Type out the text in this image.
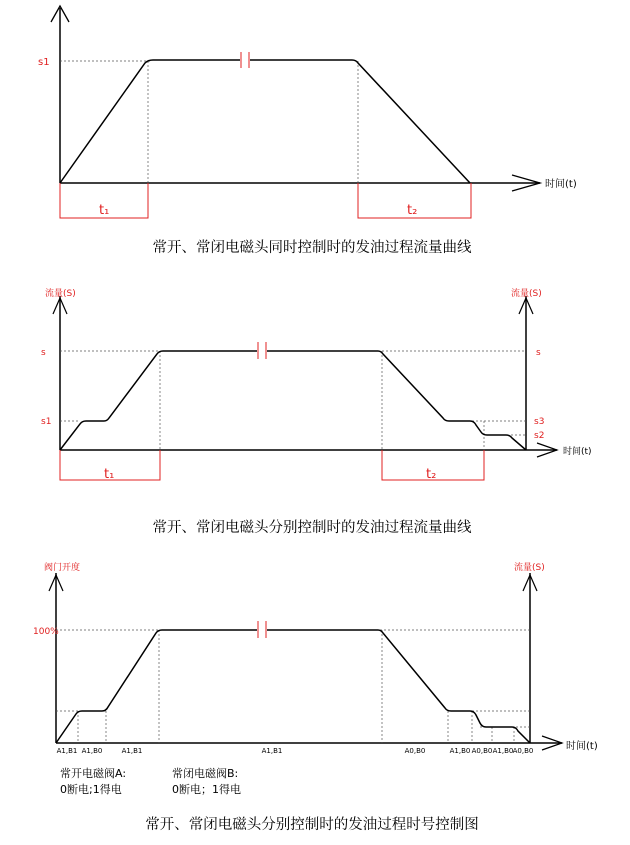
s1
t₁	t₂
时间(t)
常开、常闭电磁头同时控制时的发油过程流量曲线
流量(S)	流量(S)
s	s
s1	s3
s2
时间(t)
t₁	t₂
常开、常闭电磁头分别控制时的发油过程流量曲线
阀门开度	流量(S)
100%
时间(t)
A1,B1 A1,B0	A1,B1	A1,B1	A0,B0	A1,B0 A0,B0 A1,B0 A0,B0
常开电磁阀A:
0断电;1得电
常闭电磁阀B:
0断电；1得电
常开、常闭电磁头分别控制时的发油过程时号控制图
